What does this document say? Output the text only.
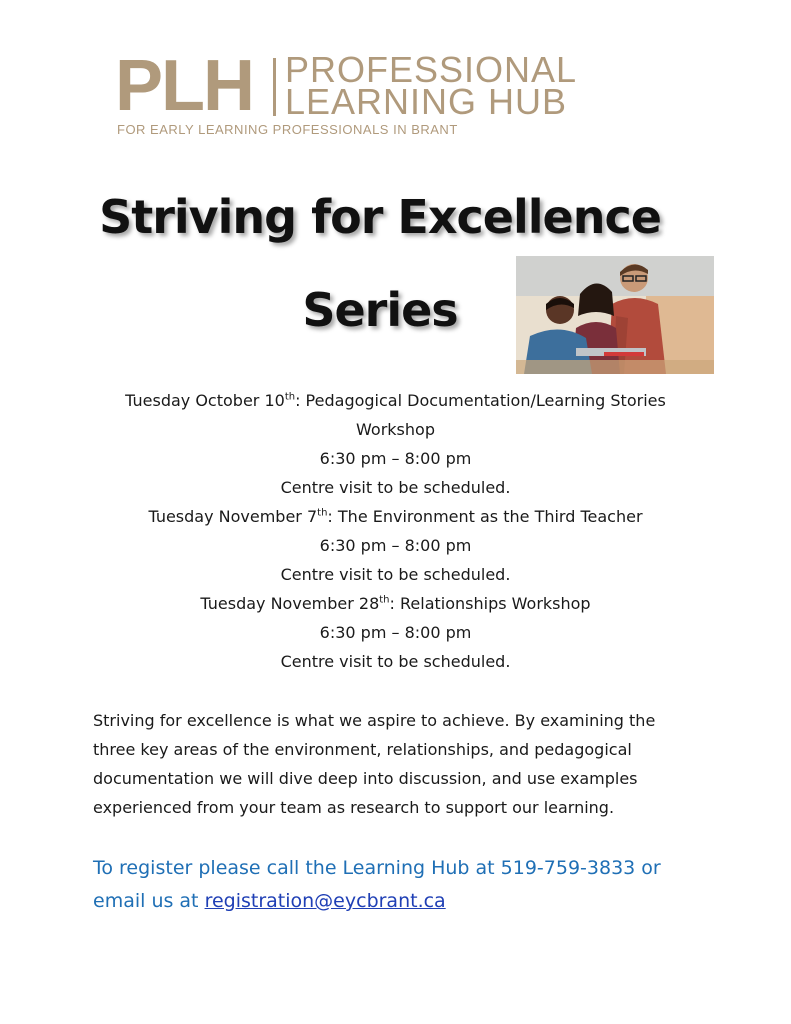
PLH PROFESSIONAL
LEARNING HUB
FOR EARLY LEARNING PROFESSIONALS IN BRANT
Striving for Excellence
Series
Tuesday October 10th: Pedagogical Documentation/Learning Stories
Workshop
6:30 pm – 8:00 pm
Centre visit to be scheduled.
Tuesday November 7th: The Environment as the Third Teacher
6:30 pm – 8:00 pm
Centre visit to be scheduled.
Tuesday November 28th: Relationships Workshop
6:30 pm – 8:00 pm
Centre visit to be scheduled.
Striving for excellence is what we aspire to achieve. By examining the
three key areas of the environment, relationships, and pedagogical
documentation we will dive deep into discussion, and use examples
experienced from your team as research to support our learning.
To register please call the Learning Hub at 519-759-3833 or
email us at registration@eycbrant.ca
